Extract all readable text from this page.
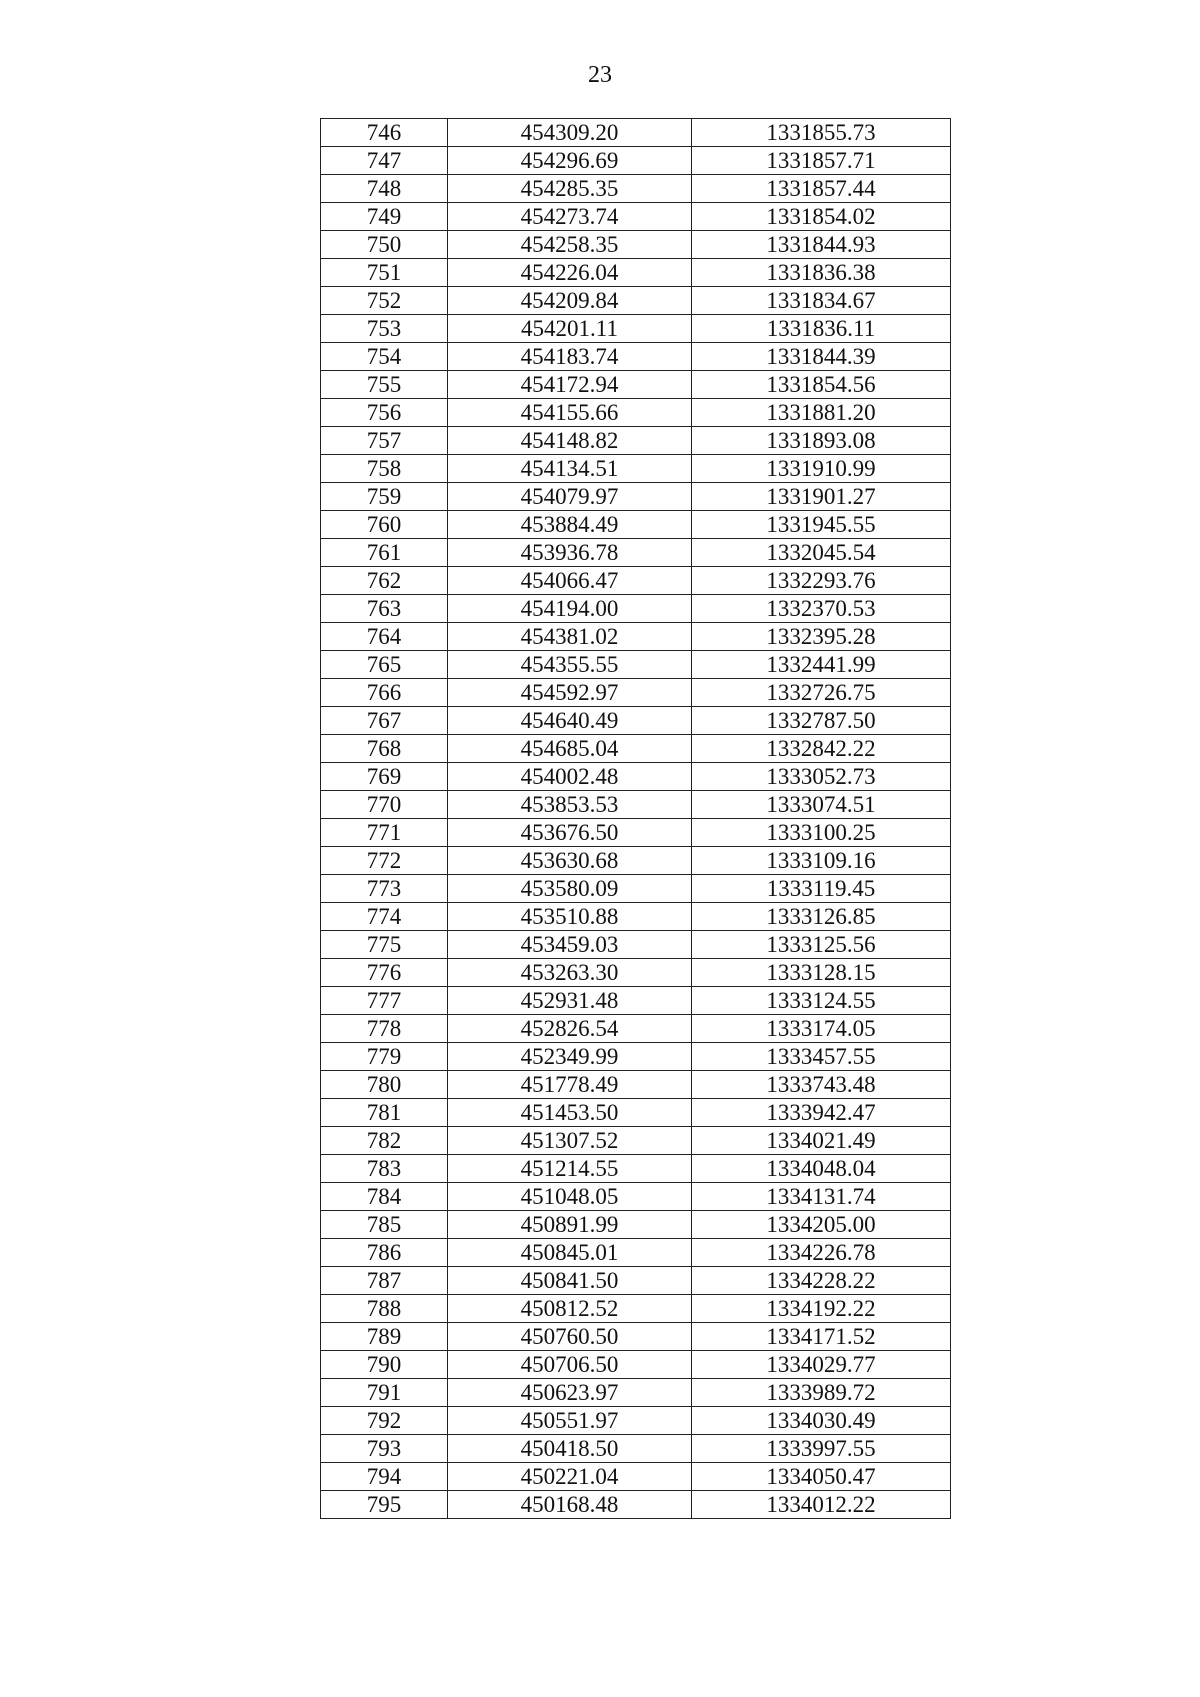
23
746	454309.20	1331855.73
747	454296.69	1331857.71
748	454285.35	1331857.44
749	454273.74	1331854.02
750	454258.35	1331844.93
751	454226.04	1331836.38
752	454209.84	1331834.67
753	454201.11	1331836.11
754	454183.74	1331844.39
755	454172.94	1331854.56
756	454155.66	1331881.20
757	454148.82	1331893.08
758	454134.51	1331910.99
759	454079.97	1331901.27
760	453884.49	1331945.55
761	453936.78	1332045.54
762	454066.47	1332293.76
763	454194.00	1332370.53
764	454381.02	1332395.28
765	454355.55	1332441.99
766	454592.97	1332726.75
767	454640.49	1332787.50
768	454685.04	1332842.22
769	454002.48	1333052.73
770	453853.53	1333074.51
771	453676.50	1333100.25
772	453630.68	1333109.16
773	453580.09	1333119.45
774	453510.88	1333126.85
775	453459.03	1333125.56
776	453263.30	1333128.15
777	452931.48	1333124.55
778	452826.54	1333174.05
779	452349.99	1333457.55
780	451778.49	1333743.48
781	451453.50	1333942.47
782	451307.52	1334021.49
783	451214.55	1334048.04
784	451048.05	1334131.74
785	450891.99	1334205.00
786	450845.01	1334226.78
787	450841.50	1334228.22
788	450812.52	1334192.22
789	450760.50	1334171.52
790	450706.50	1334029.77
791	450623.97	1333989.72
792	450551.97	1334030.49
793	450418.50	1333997.55
794	450221.04	1334050.47
795	450168.48	1334012.22
